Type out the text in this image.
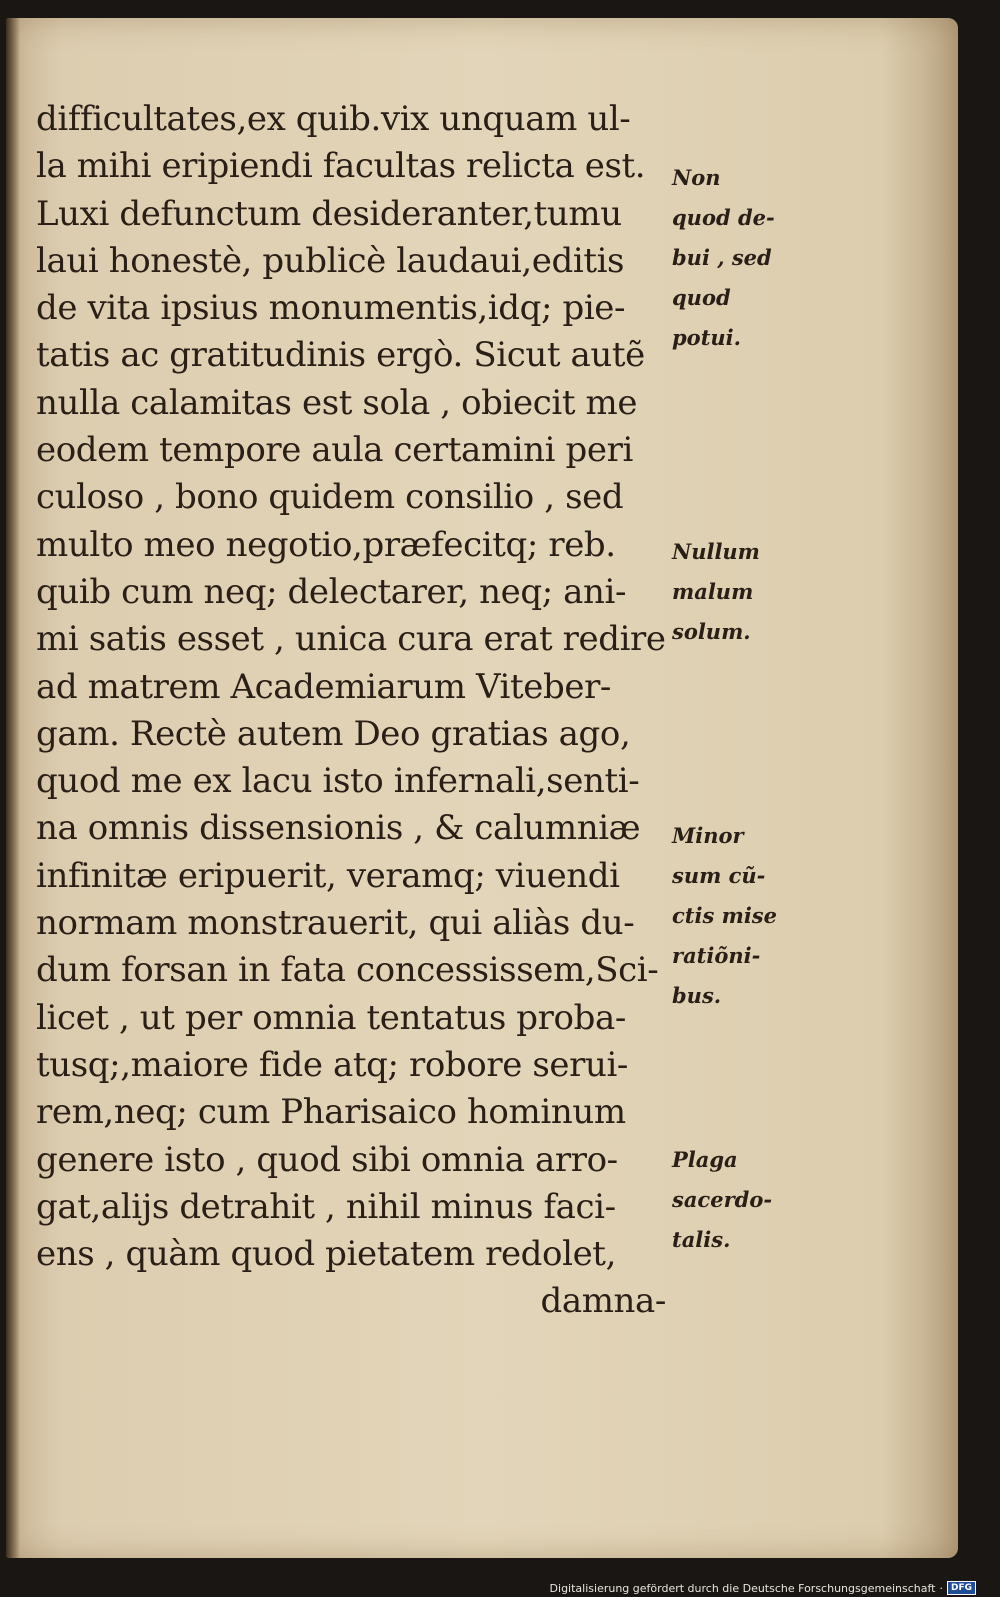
difficultates,ex quib.vix unquam ul-
la mihi eripiendi facultas relicta est.
Luxi defunctum desideranter,tumu
laui honestè, publicè laudaui,editis
de vita ipsius monumentis,idq; pie-
tatis ac gratitudinis ergò. Sicut autẽ
nulla calamitas est sola , obiecit me
eodem tempore aula certamini peri
culoso , bono quidem consilio , sed
multo meo negotio,præfecitq; reb.
quib cum neq; delectarer, neq; ani-
mi satis esset , unica cura erat redire
ad matrem Academiarum Viteber-
gam. Rectè autem Deo gratias ago,
quod me ex lacu isto infernali,senti-
na omnis dissensionis , & calumniæ
infinitæ eripuerit, veramq; viuendi
normam monstrauerit, qui aliàs du-
dum forsan in fata concessissem,Sci-
licet , ut per omnia tentatus proba-
tusq;,maiore fide atq; robore serui-
rem,neq; cum Pharisaico hominum
genere isto , quod sibi omnia arro-
gat,alijs detrahit , nihil minus faci-
ens , quàm quod pietatem redolet,
damna-
Non
quod de-
bui , sed
quod
potui.
Nullum
malum
solum.
Minor
sum cũ-
ctis mise
ratiõni-
bus.
Plaga
sacerdo-
talis.
Digitalisierung gefördert durch die Deutsche Forschungsgemeinschaft · DFG
